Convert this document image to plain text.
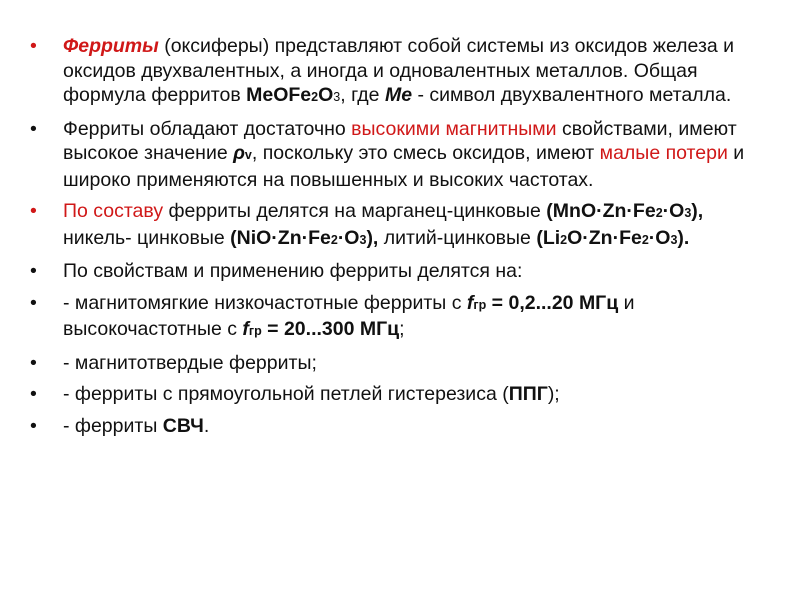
• Ферриты (оксиферы) представляют собой системы из оксидов железа и оксидов двухвалентных, а иногда и одновалентных металлов. Общая формула ферритов MeOFe2O3, где Me - символ двухвалентного металла.
• Ферриты обладают достаточно высокими магнитными свойствами, имеют высокое значение ρv, поскольку это смесь оксидов, имеют малые потери и широко применяются на повышенных и высоких частотах.
• По составу ферриты делятся на марганец-цинковые (MnO·Zn·Fe2·O3), никель- цинковые (NiO·Zn·Fe2·O3), литий-цинковые (Li2O·Zn·Fe2·O3).
• По свойствам и применению ферриты делятся на:
• - магнитомягкие низкочастотные ферриты с fгр = 0,2...20 МГц и высокочастотные с fгр = 20...300 МГц;
• - магнитотвердые ферриты;
• - ферриты с прямоугольной петлей гистерезиса (ППГ);
• - ферриты СВЧ.
